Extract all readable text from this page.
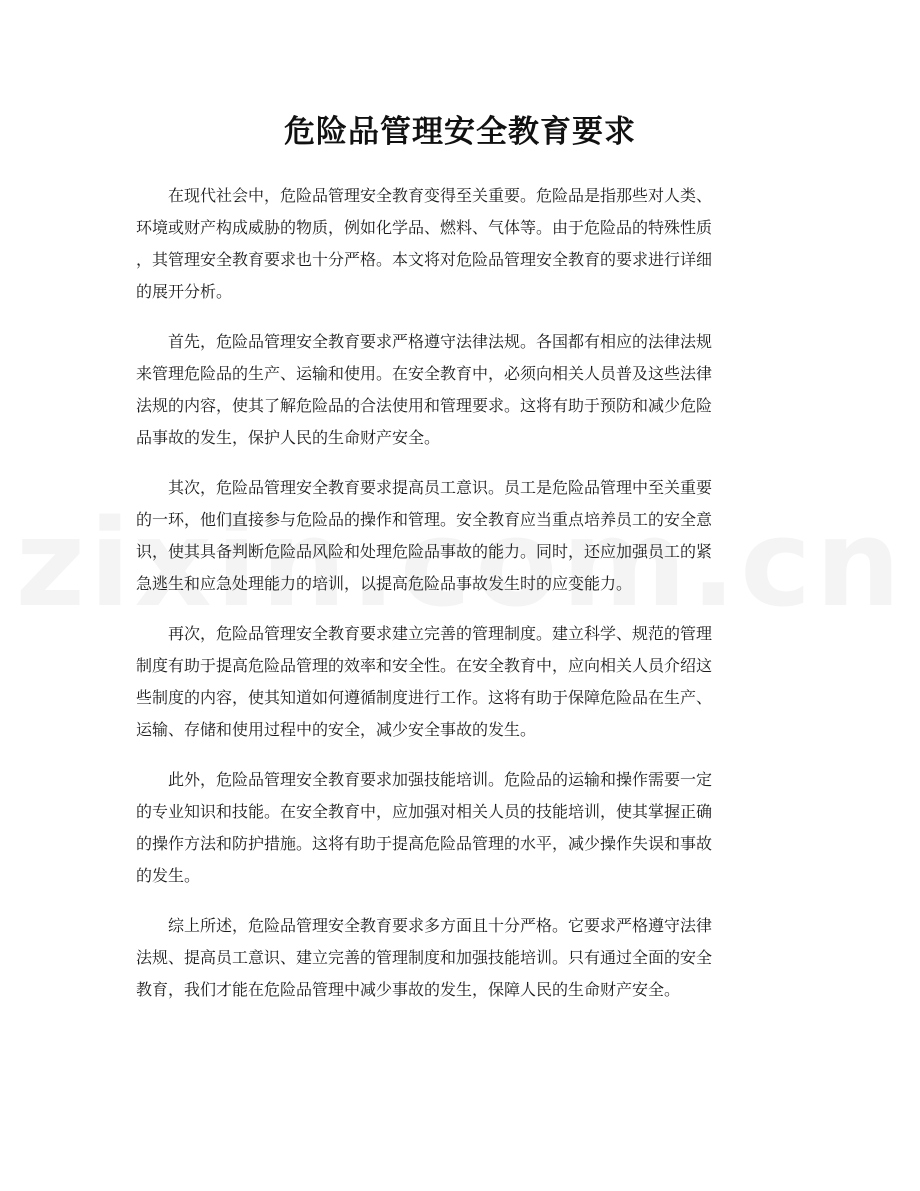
危险品管理安全教育要求

　　在现代社会中，危险品管理安全教育变得至关重要。危险品是指那些对人类、
环境或财产构成威胁的物质，例如化学品、燃料、气体等。由于危险品的特殊性质
，其管理安全教育要求也十分严格。本文将对危险品管理安全教育的要求进行详细
的展开分析。

　　首先，危险品管理安全教育要求严格遵守法律法规。各国都有相应的法律法规
来管理危险品的生产、运输和使用。在安全教育中，必须向相关人员普及这些法律
法规的内容，使其了解危险品的合法使用和管理要求。这将有助于预防和减少危险
品事故的发生，保护人民的生命财产安全。

　　其次，危险品管理安全教育要求提高员工意识。员工是危险品管理中至关重要
的一环，他们直接参与危险品的操作和管理。安全教育应当重点培养员工的安全意
识，使其具备判断危险品风险和处理危险品事故的能力。同时，还应加强员工的紧
急逃生和应急处理能力的培训，以提高危险品事故发生时的应变能力。

　　再次，危险品管理安全教育要求建立完善的管理制度。建立科学、规范的管理
制度有助于提高危险品管理的效率和安全性。在安全教育中，应向相关人员介绍这
些制度的内容，使其知道如何遵循制度进行工作。这将有助于保障危险品在生产、
运输、存储和使用过程中的安全，减少安全事故的发生。

　　此外，危险品管理安全教育要求加强技能培训。危险品的运输和操作需要一定
的专业知识和技能。在安全教育中，应加强对相关人员的技能培训，使其掌握正确
的操作方法和防护措施。这将有助于提高危险品管理的水平，减少操作失误和事故
的发生。

　　综上所述，危险品管理安全教育要求多方面且十分严格。它要求严格遵守法律
法规、提高员工意识、建立完善的管理制度和加强技能培训。只有通过全面的安全
教育，我们才能在危险品管理中减少事故的发生，保障人民的生命财产安全。
